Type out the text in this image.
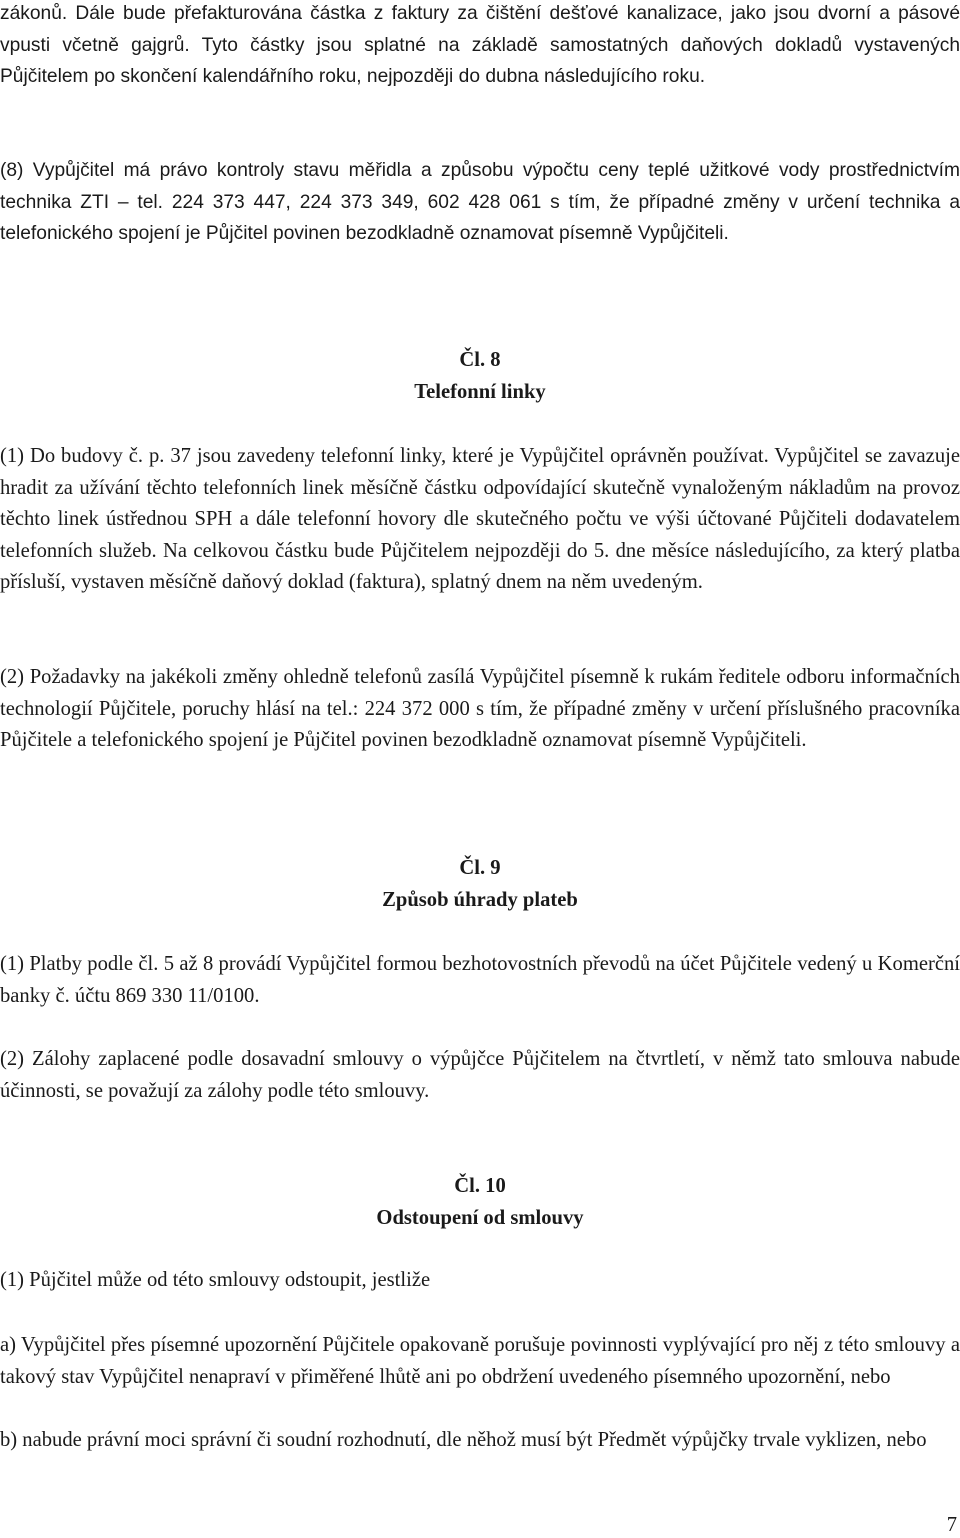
zákonů. Dále bude přefakturována částka z faktury za čištění dešťové kanalizace, jako jsou dvorní a pásové vpusti včetně gajgrů. Tyto částky jsou splatné na základě samostatných daňových dokladů vystavených Půjčitelem po skončení kalendářního roku, nejpozději do dubna následujícího roku.

(8) Vypůjčitel má právo kontroly stavu měřidla a způsobu výpočtu ceny teplé užitkové vody prostřednictvím technika ZTI – tel. 224 373 447, 224 373 349, 602 428 061 s tím, že případné změny v určení technika a telefonického spojení je Půjčitel povinen bezodkladně oznamovat písemně Vypůjčiteli.

Čl. 8

Telefonní linky

(1) Do budovy č. p. 37 jsou zavedeny telefonní linky, které je Vypůjčitel oprávněn používat. Vypůjčitel se zavazuje hradit za užívání těchto telefonních linek měsíčně částku odpovídající skutečně vynaloženým nákladům na provoz těchto linek ústřednou SPH a dále telefonní hovory dle skutečného počtu ve výši účtované Půjčiteli dodavatelem telefonních služeb. Na celkovou částku bude Půjčitelem nejpozději do 5. dne měsíce následujícího, za který platba přísluší, vystaven měsíčně daňový doklad (faktura), splatný dnem na něm uvedeným.

(2) Požadavky na jakékoli změny ohledně telefonů zasílá Vypůjčitel písemně k rukám ředitele odboru informačních technologií Půjčitele, poruchy hlásí na tel.: 224 372 000 s tím, že případné změny v určení příslušného pracovníka Půjčitele a telefonického spojení je Půjčitel povinen bezodkladně oznamovat písemně Vypůjčiteli.

Čl. 9

Způsob úhrady plateb

(1) Platby podle čl. 5 až 8 provádí Vypůjčitel formou bezhotovostních převodů na účet Půjčitele vedený u Komerční banky č. účtu 869 330 11/0100.

(2) Zálohy zaplacené podle dosavadní smlouvy o výpůjčce Půjčitelem na čtvrtletí, v němž tato smlouva nabude účinnosti, se považují za zálohy podle této smlouvy.

Čl. 10

Odstoupení od smlouvy

(1) Půjčitel může od této smlouvy odstoupit, jestliže

a) Vypůjčitel přes písemné upozornění Půjčitele opakovaně porušuje povinnosti vyplývající pro něj z této smlouvy a takový stav Vypůjčitel nenapraví v přiměřené lhůtě ani po obdržení uvedeného písemného upozornění, nebo

b) nabude právní moci správní či soudní rozhodnutí, dle něhož musí být Předmět výpůjčky trvale vyklizen, nebo

7
